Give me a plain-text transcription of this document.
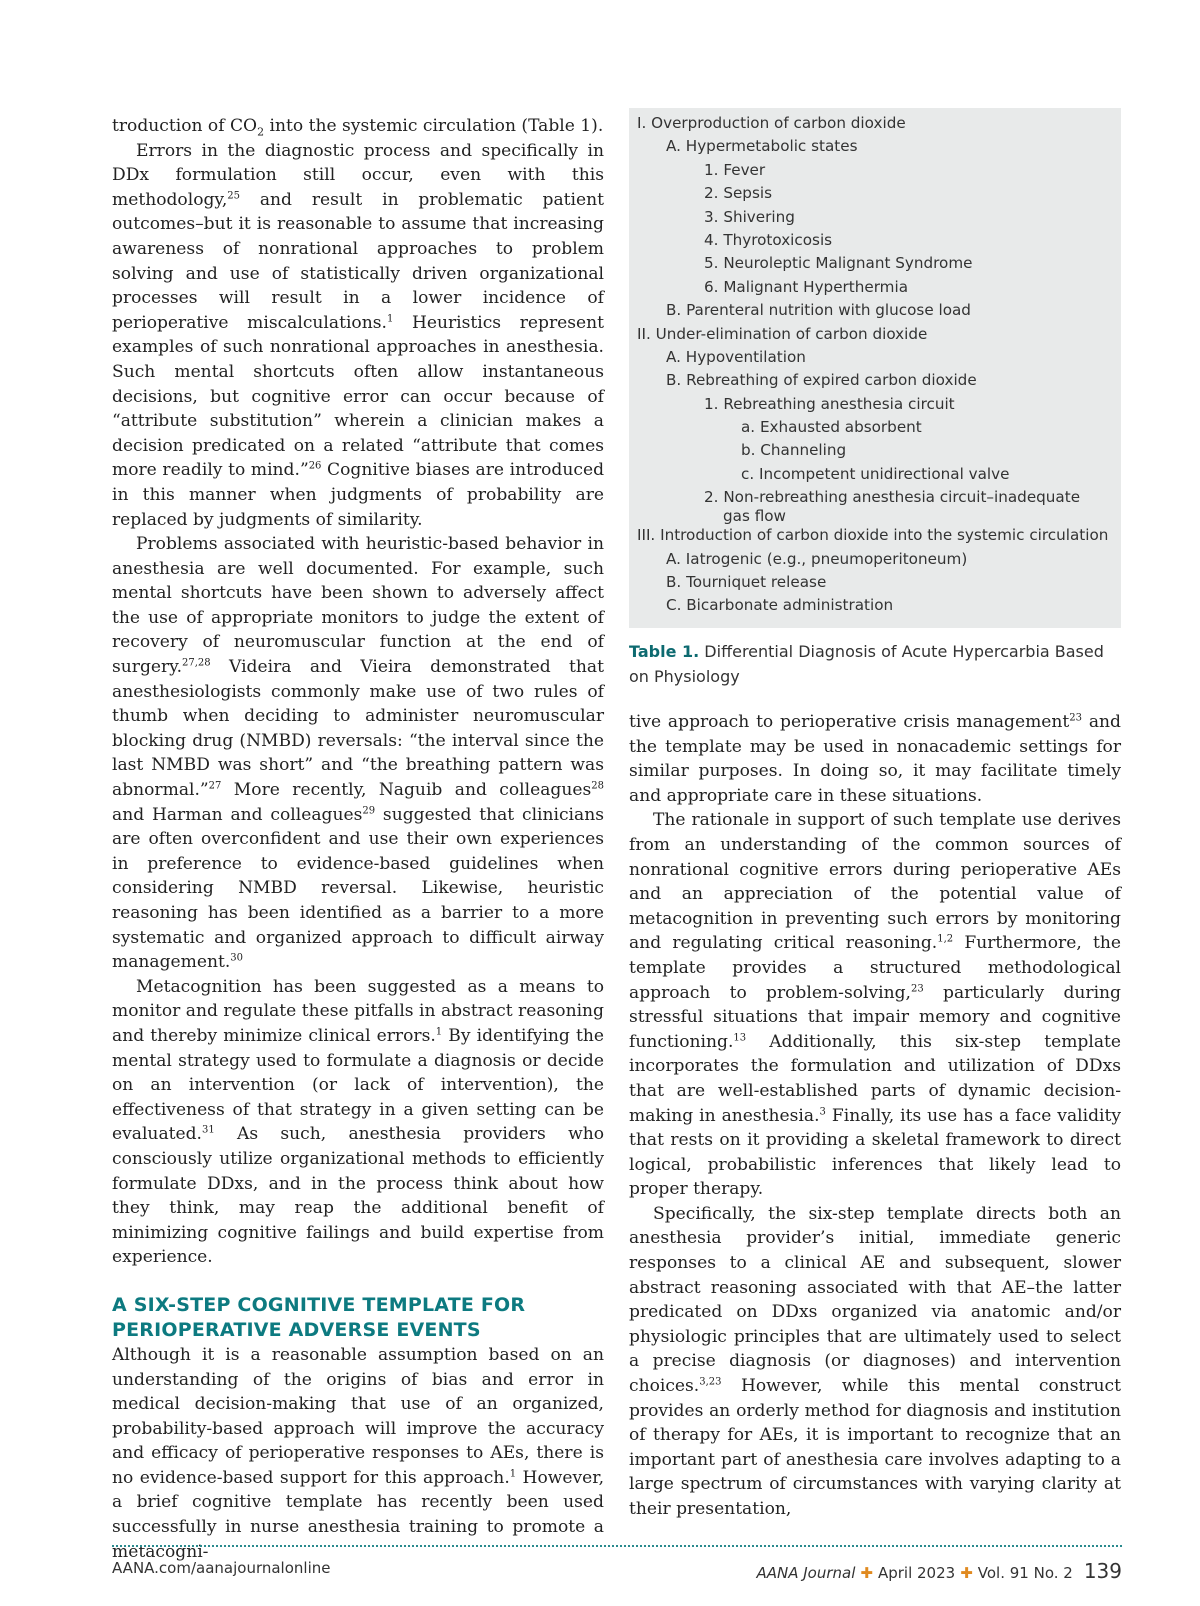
troduction of $CO_2$ into the systemic circulation (Table 1).

Errors in the diagnostic process and specifically in DDx formulation still occur, even with this methodology,$^{25}$ and result in problematic patient outcomes–but it is reasonable to assume that increasing awareness of nonrational approaches to problem solving and use of statistically driven organizational processes will result in a lower incidence of perioperative miscalculations.$^1$ Heuristics represent examples of such nonrational approaches in anesthesia. Such mental shortcuts often allow instantaneous decisions, but cognitive error can occur because of “attribute substitution” wherein a clinician makes a decision predicated on a related “attribute that comes more readily to mind.”$^{26}$ Cognitive biases are introduced in this manner when judgments of probability are replaced by judgments of similarity.

Problems associated with heuristic-based behavior in anesthesia are well documented. For example, such mental shortcuts have been shown to adversely affect the use of appropriate monitors to judge the extent of recovery of neuromuscular function at the end of surgery.$^{27,28}$ Videira and Vieira demonstrated that anesthesiologists commonly make use of two rules of thumb when deciding to administer neuromuscular blocking drug (NMBD) reversals: “the interval since the last NMBD was short” and “the breathing pattern was abnormal.”$^{27}$ More recently, Naguib and colleagues$^{28}$ and Harman and colleagues$^{29}$ suggested that clinicians are often overconfident and use their own experiences in preference to evidence-based guidelines when considering NMBD reversal. Likewise, heuristic reasoning has been identified as a barrier to a more systematic and organized approach to difficult airway management.$^{30}$

Metacognition has been suggested as a means to monitor and regulate these pitfalls in abstract reasoning and thereby minimize clinical errors.$^1$ By identifying the mental strategy used to formulate a diagnosis or decide on an intervention (or lack of intervention), the effectiveness of that strategy in a given setting can be evaluated.$^{31}$ As such, anesthesia providers who consciously utilize organizational methods to efficiently formulate DDxs, and in the process think about how they think, may reap the additional benefit of minimizing cognitive failings and build expertise from experience.

A SIX-STEP COGNITIVE TEMPLATE FOR
PERIOPERATIVE ADVERSE EVENTS

Although it is a reasonable assumption based on an understanding of the origins of bias and error in medical decision-making that use of an organized, probability-based approach will improve the accuracy and efficacy of perioperative responses to AEs, there is no evidence-based support for this approach.$^1$ However, a brief cognitive template has recently been used successfully in nurse anesthesia training to promote a metacogni-

I. Overproduction of carbon dioxide
A. Hypermetabolic states
1. Fever
2. Sepsis
3. Shivering
4. Thyrotoxicosis
5. Neuroleptic Malignant Syndrome
6. Malignant Hyperthermia
B. Parenteral nutrition with glucose load
II. Under-elimination of carbon dioxide
A. Hypoventilation
B. Rebreathing of expired carbon dioxide
1. Rebreathing anesthesia circuit
a. Exhausted absorbent
b. Channeling
c. Incompetent unidirectional valve
2. Non-rebreathing anesthesia circuit–inadequate
gas flow
III. Introduction of carbon dioxide into the systemic circulation
A. Iatrogenic (e.g., pneumoperitoneum)
B. Tourniquet release
C. Bicarbonate administration
Table 1. Differential Diagnosis of Acute Hypercarbia Based on Physiology

tive approach to perioperative crisis management$^{23}$ and the template may be used in nonacademic settings for similar purposes. In doing so, it may facilitate timely and appropriate care in these situations.

The rationale in support of such template use derives from an understanding of the common sources of nonrational cognitive errors during perioperative AEs and an appreciation of the potential value of metacognition in preventing such errors by monitoring and regulating critical reasoning.$^{1,2}$ Furthermore, the template provides a structured methodological approach to problem-solving,$^{23}$ particularly during stressful situations that impair memory and cognitive functioning.$^{13}$ Additionally, this six-step template incorporates the formulation and utilization of DDxs that are well-established parts of dynamic decision-making in anesthesia.$^3$ Finally, its use has a face validity that rests on it providing a skeletal framework to direct logical, probabilistic inferences that likely lead to proper therapy.

Specifically, the six-step template directs both an anesthesia provider’s initial, immediate generic responses to a clinical AE and subsequent, slower abstract reasoning associated with that AE–the latter predicated on DDxs organized via anatomic and/or physiologic principles that are ultimately used to select a precise diagnosis (or diagnoses) and intervention choices.$^{3,23}$ However, while this mental construct provides an orderly method for diagnosis and institution of therapy for AEs, it is important to recognize that an important part of anesthesia care involves adapting to a large spectrum of circumstances with varying clarity at their presentation,

AANA.com/aanajournalonline	AANA Journal ✚ April 2023 ✚ Vol. 91 No. 2 139
